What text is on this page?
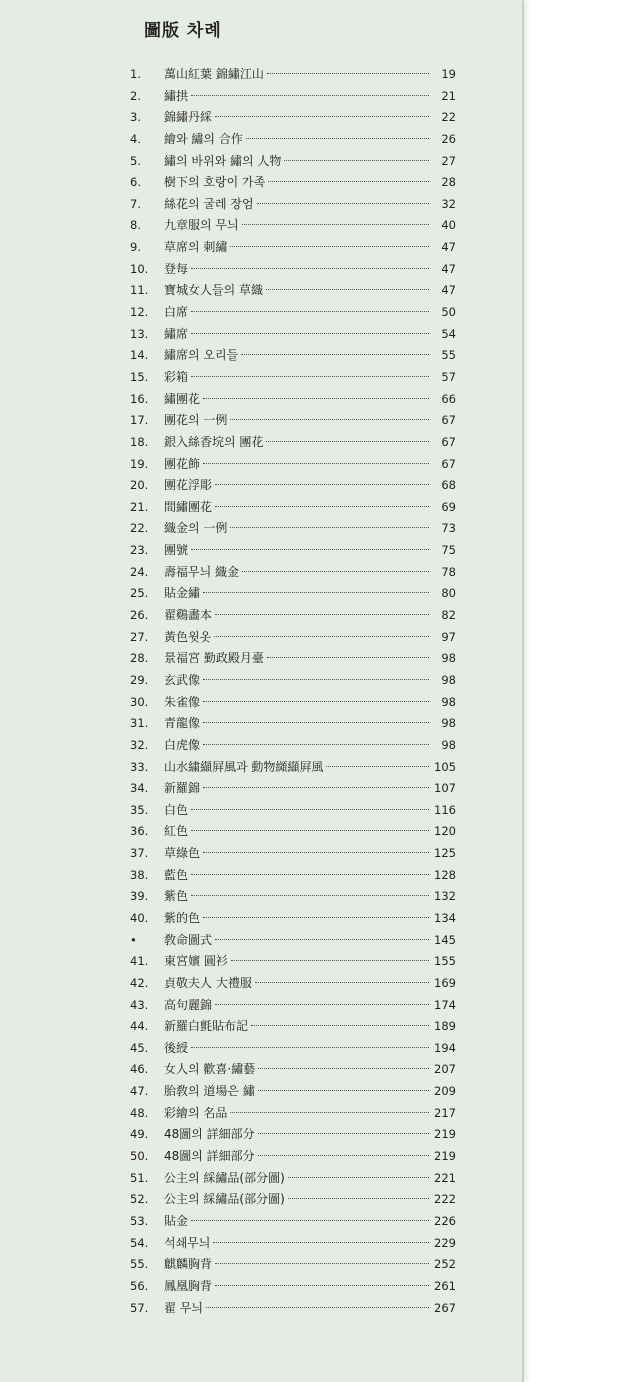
圖版 차례
1.	萬山紅葉 錦繡江山	19
2.	繡拱	21
3.	錦繡丹綵	22
4.	繪와 繡의 合作	26
5.	繡의 바위와 繡의 人物	27
6.	樹下의 호랑이 가족	28
7.	絲花의 굴레 장엄	32
8.	九章服의 무늬	40
9.	草席의 刺繡	47
10.	登每	47
11.	寶城女人들의 草織	47
12.	白席	50
13.	繡席	54
14.	繡席의 오리들	55
15.	彩箱	57
16.	繡團花	66
17.	團花의 一例	67
18.	銀入絲香垸의 團花	67
19.	團花飾	67
20.	團花浮彫	68
21.	間繡團花	69
22.	織金의 一例	73
23.	團號	75
24.	壽福무늬 織金	78
25.	貼金繡	80
26.	翟鷄畵本	82
27.	黃色윗옷	97
28.	景福宮 勤政殿月臺	98
29.	玄武像	98
30.	朱雀像	98
31.	青龍像	98
32.	白虎像	98
33.	山水繍纈屛風과 動物纐纈屛風	105
34.	新羅錦	107
35.	白色	116
36.	紅色	120
37.	草綠色	125
38.	藍色	128
39.	紫色	132
40.	紫的色	134
•	敎命圖式	145
41.	東宮嬪 圓衫	155
42.	貞敬夫人 大禮服	169
43.	高句麗錦	174
44.	新羅白氈貼布記	189
45.	後綬	194
46.	女人의 歡喜·繡藝	207
47.	胎敎의 道場은 繡	209
48.	彩繪의 名品	217
49.	48圖의 詳細部分	219
50.	48圖의 詳細部分	219
51.	公主의 綵繡品(部分圖)	221
52.	公主의 綵繡品(部分圖)	222
53.	貼金	226
54.	석쇄무늬	229
55.	麒麟胸背	252
56.	鳳凰胸背	261
57.	翟 무늬	267
